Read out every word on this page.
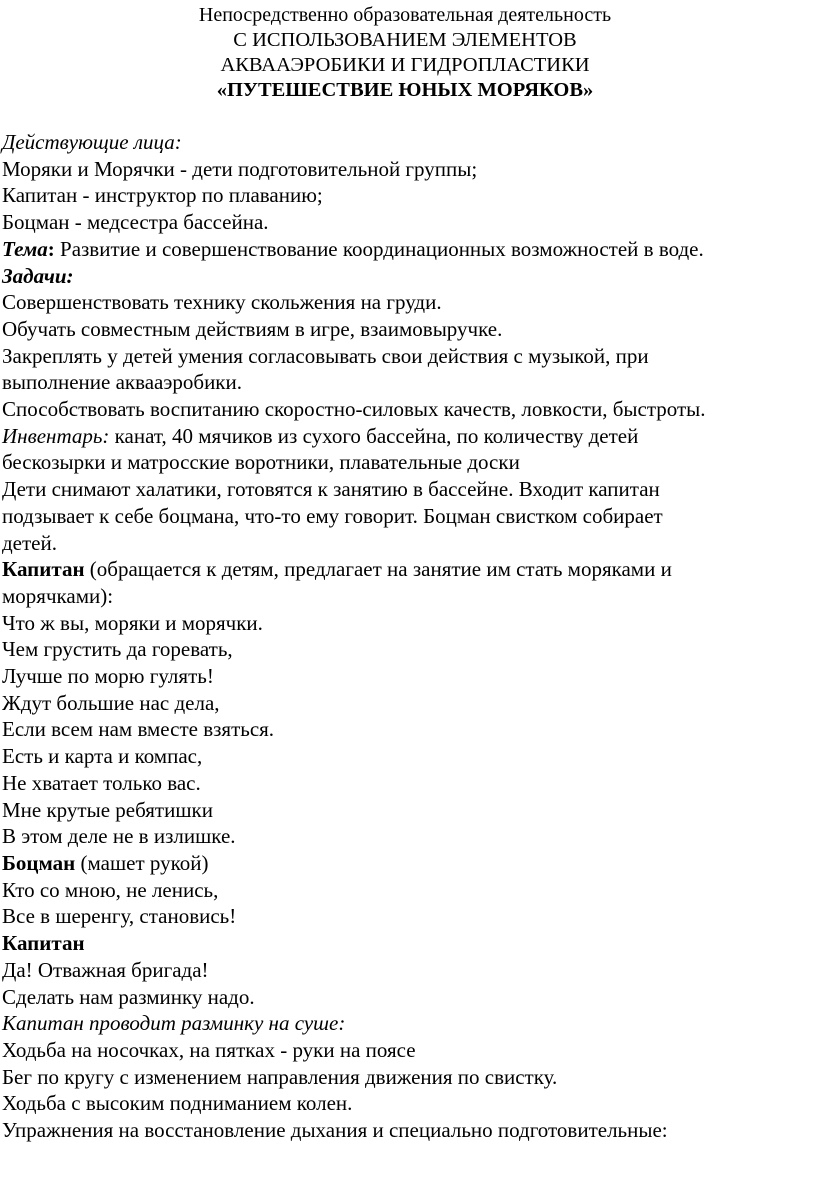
Непосредственно образовательная деятельность
С ИСПОЛЬЗОВАНИЕМ ЭЛЕМЕНТОВ
АКВААЭРОБИКИ И ГИДРОПЛАСТИКИ
«ПУТЕШЕСТВИЕ ЮНЫХ МОРЯКОВ»
Действующие лица:
Моряки и Морячки - дети подготовительной группы;
Капитан - инструктор по плаванию;
Боцман - медсестра бассейна.
Тема: Развитие и совершенствование координационных возможностей в воде.
Задачи:
Совершенствовать технику скольжения на груди.
Обучать совместным действиям в игре, взаимовыручке.
Закреплять у детей умения согласовывать свои действия с музыкой, при
выполнение аквааэробики.
Способствовать воспитанию скоростно-силовых качеств, ловкости, быстроты.
Инвентарь: канат, 40 мячиков из сухого бассейна, по количеству детей
бескозырки и матросские воротники, плавательные доски
Дети снимают халатики, готовятся к занятию в бассейне. Входит капитан
подзывает к себе боцмана, что-то ему говорит. Боцман свистком собирает
детей.
Капитан (обращается к детям, предлагает на занятие им стать моряками и
морячками):
Что ж вы, моряки и морячки.
Чем грустить да горевать,
Лучше по морю гулять!
Ждут большие нас дела,
Если всем нам вместе взяться.
Есть и карта и компас,
Не хватает только вас.
Мне крутые ребятишки
В этом деле не в излишке.
Боцман (машет рукой)
Кто со мною, не ленись,
Все в шеренгу, становись!
Капитан
Да! Отважная бригада!
Сделать нам разминку надо.
Капитан проводит разминку на суше:
Ходьба на носочках, на пятках - руки на поясе
Бег по кругу с изменением направления движения по свистку.
Ходьба с высоким подниманием колен.
Упражнения на восстановление дыхания и специально подготовительные:
